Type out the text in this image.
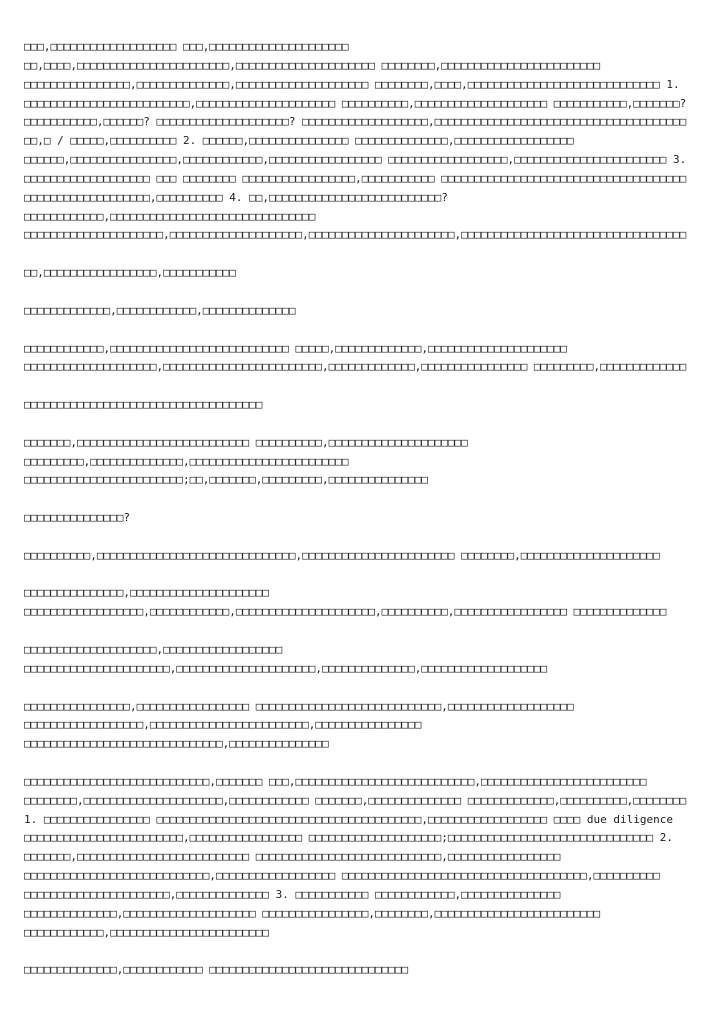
□□□,□□□□□□□□□□□□□□□□□□□ □□□,□□□□□□□□□□□□□□□□□□□□□
□□,□□□□,□□□□□□□□□□□□□□□□□□□□□□□,□□□□□□□□□□□□□□□□□□□□□ □□□□□□□□,□□□□□□□□□□□□□□□□□□□□□□□□
□□□□□□□□□□□□□□□□,□□□□□□□□□□□□□□,□□□□□□□□□□□□□□□□□□□□ □□□□□□□□,□□□□,□□□□□□□□□□□□□□□□□□□□□□□□□□□□□ 1.
□□□□□□□□□□□□□□□□□□□□□□□□□,□□□□□□□□□□□□□□□□□□□□□ □□□□□□□□□□,□□□□□□□□□□□□□□□□□□□□ □□□□□□□□□□□,□□□□□□□?
□□□□□□□□□□□,□□□□□□? □□□□□□□□□□□□□□□□□□□□? □□□□□□□□□□□□□□□□□□□,□□□□□□□□□□□□□□□□□□□□□□□□□□□□□□□□□□□□□□
□□,□ / □□□□□,□□□□□□□□□□ 2. □□□□□□,□□□□□□□□□□□□□□□ □□□□□□□□□□□□□□,□□□□□□□□□□□□□□□□□□
□□□□□□,□□□□□□□□□□□□□□□□,□□□□□□□□□□□□,□□□□□□□□□□□□□□□□□ □□□□□□□□□□□□□□□□□□,□□□□□□□□□□□□□□□□□□□□□□□ 3.
□□□□□□□□□□□□□□□□□□□ □□□ □□□□□□□□ □□□□□□□□□□□□□□□□□,□□□□□□□□□□□ □□□□□□□□□□□□□□□□□□□□□□□□□□□□□□□□□□□□□
□□□□□□□□□□□□□□□□□□□,□□□□□□□□□□ 4. □□,□□□□□□□□□□□□□□□□□□□□□□□□□□?
□□□□□□□□□□□□,□□□□□□□□□□□□□□□□□□□□□□□□□□□□□□□
□□□□□□□□□□□□□□□□□□□□□,□□□□□□□□□□□□□□□□□□□□,□□□□□□□□□□□□□□□□□□□□□□,□□□□□□□□□□□□□□□□□□□□□□□□□□□□□□□□□□

□□,□□□□□□□□□□□□□□□□□,□□□□□□□□□□□

□□□□□□□□□□□□□,□□□□□□□□□□□□,□□□□□□□□□□□□□□

□□□□□□□□□□□□,□□□□□□□□□□□□□□□□□□□□□□□□□□□ □□□□□,□□□□□□□□□□□□□,□□□□□□□□□□□□□□□□□□□□□
□□□□□□□□□□□□□□□□□□□□,□□□□□□□□□□□□□□□□□□□□□□□□,□□□□□□□□□□□□□,□□□□□□□□□□□□□□□□ □□□□□□□□□,□□□□□□□□□□□□□

□□□□□□□□□□□□□□□□□□□□□□□□□□□□□□□□□□□□

□□□□□□□,□□□□□□□□□□□□□□□□□□□□□□□□□□ □□□□□□□□□□,□□□□□□□□□□□□□□□□□□□□□
□□□□□□□□□,□□□□□□□□□□□□□□,□□□□□□□□□□□□□□□□□□□□□□□□
□□□□□□□□□□□□□□□□□□□□□□□□;□□,□□□□□□□,□□□□□□□□□,□□□□□□□□□□□□□□□

□□□□□□□□□□□□□□□?

□□□□□□□□□□,□□□□□□□□□□□□□□□□□□□□□□□□□□□□□□,□□□□□□□□□□□□□□□□□□□□□□□ □□□□□□□□,□□□□□□□□□□□□□□□□□□□□□

□□□□□□□□□□□□□□□,□□□□□□□□□□□□□□□□□□□□□
□□□□□□□□□□□□□□□□□□,□□□□□□□□□□□□,□□□□□□□□□□□□□□□□□□□□□,□□□□□□□□□□,□□□□□□□□□□□□□□□□□ □□□□□□□□□□□□□□

□□□□□□□□□□□□□□□□□□□□,□□□□□□□□□□□□□□□□□□
□□□□□□□□□□□□□□□□□□□□□□,□□□□□□□□□□□□□□□□□□□□□,□□□□□□□□□□□□□□,□□□□□□□□□□□□□□□□□□□

□□□□□□□□□□□□□□□□,□□□□□□□□□□□□□□□□□ □□□□□□□□□□□□□□□□□□□□□□□□□□□□,□□□□□□□□□□□□□□□□□□□
□□□□□□□□□□□□□□□□□□,□□□□□□□□□□□□□□□□□□□□□□□□,□□□□□□□□□□□□□□□□
□□□□□□□□□□□□□□□□□□□□□□□□□□□□□□,□□□□□□□□□□□□□□□

□□□□□□□□□□□□□□□□□□□□□□□□□□□□,□□□□□□□ □□□,□□□□□□□□□□□□□□□□□□□□□□□□□□□,□□□□□□□□□□□□□□□□□□□□□□□□□
□□□□□□□□,□□□□□□□□□□□□□□□□□□□□□,□□□□□□□□□□□□ □□□□□□□,□□□□□□□□□□□□□□ □□□□□□□□□□□□□,□□□□□□□□□□,□□□□□□□□
1. □□□□□□□□□□□□□□□□ □□□□□□□□□□□□□□□□□□□□□□□□□□□□□□□□□□□□□□□□,□□□□□□□□□□□□□□□□□□ □□□□ due diligence
□□□□□□□□□□□□□□□□□□□□□□□□,□□□□□□□□□□□□□□□□□ □□□□□□□□□□□□□□□□□□□□;□□□□□□□□□□□□□□□□□□□□□□□□□□□□□□□ 2.
□□□□□□□,□□□□□□□□□□□□□□□□□□□□□□□□□□ □□□□□□□□□□□□□□□□□□□□□□□□□□□□,□□□□□□□□□□□□□□□□□
□□□□□□□□□□□□□□□□□□□□□□□□□□□□,□□□□□□□□□□□□□□□□□□ □□□□□□□□□□□□□□□□□□□□□□□□□□□□□□□□□□□□□,□□□□□□□□□□
□□□□□□□□□□□□□□□□□□□□□□,□□□□□□□□□□□□□□ 3. □□□□□□□□□□□ □□□□□□□□□□□□,□□□□□□□□□□□□□□□
□□□□□□□□□□□□□□,□□□□□□□□□□□□□□□□□□□□ □□□□□□□□□□□□□□□□,□□□□□□□□,□□□□□□□□□□□□□□□□□□□□□□□□□
□□□□□□□□□□□□,□□□□□□□□□□□□□□□□□□□□□□□□

□□□□□□□□□□□□□□,□□□□□□□□□□□□ □□□□□□□□□□□□□□□□□□□□□□□□□□□□□□
